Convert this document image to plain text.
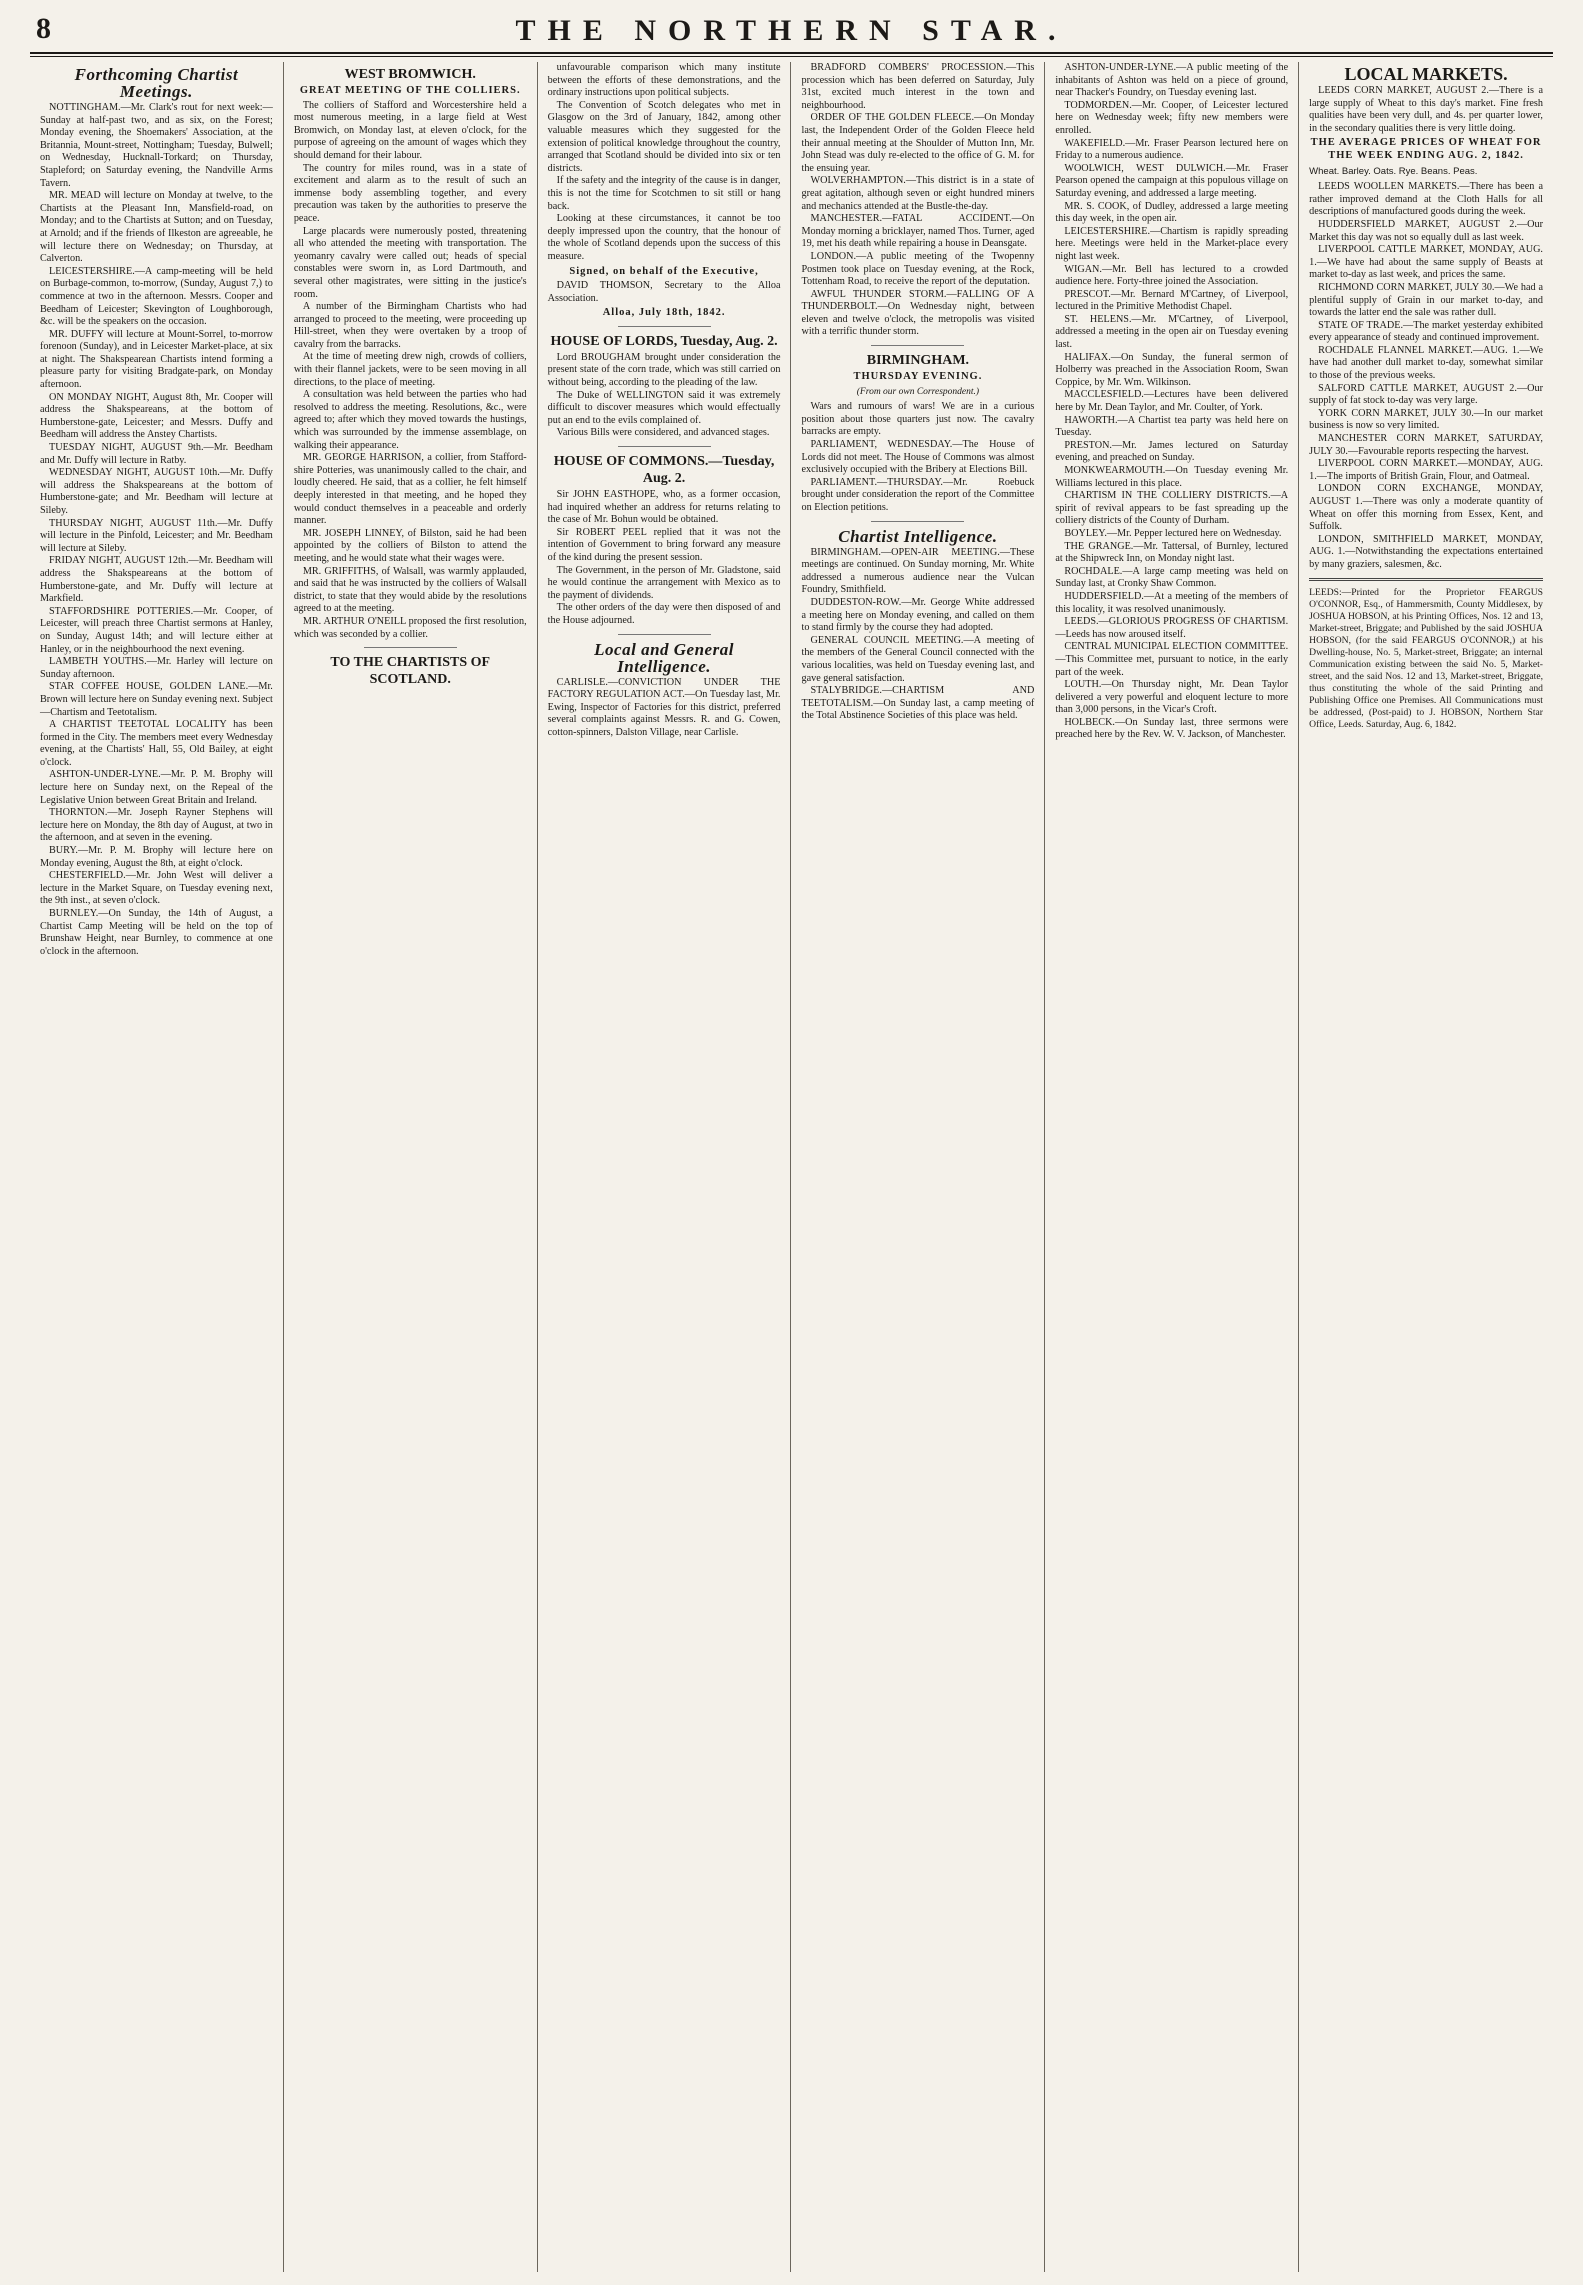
8	THE NORTHERN STAR.
Forthcoming Chartist Meetings.

NOTTINGHAM.—Mr. Clark's rout for next week:—Sunday at half-past two, and as six, on the Forest; Monday evening, the Shoemakers' Association, at the Britannia, Mount-street, Nottingham; Tuesday, Bulwell; on Wednesday, Hucknall-Torkard; on Thursday, Stapleford; on Saturday evening, the Nandville Arms Tavern.

MR. MEAD will lecture on Monday at twelve, to the Chartists at the Pleasant Inn, Mansfield-road, on Monday; and to the Chartists at Sutton; and on Tuesday, at Arnold; and if the friends of Ilkeston are agreeable, he will lecture there on Wednesday; on Thursday, at Calverton.

LEICESTERSHIRE.—A camp-meeting will be held on Burbage-common, to-morrow, (Sunday, August 7,) to commence at two in the afternoon. Messrs. Cooper and Beedham of Leicester; Skevington of Loughborough, &c. will be the speakers on the occasion.

MR. DUFFY will lecture at Mount-Sorrel, to-morrow forenoon (Sunday), and in Leicester Market-place, at six at night. The Shakspearean Chartists intend forming a pleasure party for visiting Bradgate-park, on Monday afternoon.

ON MONDAY NIGHT, August 8th, Mr. Cooper will address the Shakspeareans, at the bottom of Humberstone-gate, Leicester; and Messrs. Duffy and Beedham will address the Anstey Chartists.

TUESDAY NIGHT, AUGUST 9th.—Mr. Beedham and Mr. Duffy will lecture in Ratby.

WEDNESDAY NIGHT, AUGUST 10th.—Mr. Duffy will address the Shakspeareans at the bottom of Humberstone-gate; and Mr. Beedham will lecture at Sileby.

THURSDAY NIGHT, AUGUST 11th.—Mr. Duffy will lecture in the Pinfold, Leicester; and Mr. Beedham will lecture at Sileby.

FRIDAY NIGHT, AUGUST 12th.—Mr. Beedham will address the Shakspeareans at the bottom of Humberstone-gate, and Mr. Duffy will lecture at Markfield.

STAFFORDSHIRE POTTERIES.—Mr. Cooper, of Leicester, will preach three Chartist sermons at Hanley, on Sunday, August 14th; and will lecture either at Hanley, or in the neighbourhood the next evening.

LAMBETH YOUTHS.—Mr. Harley will lecture on Sunday afternoon.

STAR COFFEE HOUSE, GOLDEN LANE.—Mr. Brown will lecture here on Sunday evening next. Subject—Chartism and Teetotalism.

A CHARTIST TEETOTAL LOCALITY has been formed in the City. The members meet every Wednesday evening, at the Chartists' Hall, 55, Old Bailey, at eight o'clock.

ASHTON-UNDER-LYNE.—Mr. P. M. Brophy will lecture here on Sunday next, on the Repeal of the Legislative Union between Great Britain and Ireland.

THORNTON.—Mr. Joseph Rayner Stephens will lecture here on Monday, the 8th day of August, at two in the afternoon, and at seven in the evening.

BURY.—Mr. P. M. Brophy will lecture here on Monday evening, August the 8th, at eight o'clock.

CHESTERFIELD.—Mr. John West will deliver a lecture in the Market Square, on Tuesday evening next, the 9th inst., at seven o'clock.

BURNLEY.—On Sunday, the 14th of August, a Chartist Camp Meeting will be held on the top of Brunshaw Height, near Burnley, to commence at one o'clock in the afternoon.

WEST BROMWICH.
GREAT MEETING OF THE COLLIERS.

The colliers of Stafford and Worcestershire held a most numerous meeting, in a large field at West Bromwich, on Monday last, at eleven o'clock, for the purpose of agreeing on the amount of wages which they should demand for their labour.

The country for miles round, was in a state of excitement and alarm as to the result of such an immense body assembling together, and every precaution was taken by the authorities to preserve the peace.

Large placards were numerously posted, threatening all who attended the meeting with transportation. The yeomanry cavalry were called out; heads of special constables were sworn in, as Lord Dartmouth, and several other magistrates, were sitting in the justice's room.

A number of the Birmingham Chartists who had arranged to proceed to the meeting, were proceeding up Hill-street, when they were overtaken by a troop of cavalry from the barracks.

At the time of meeting drew nigh, crowds of colliers, with their flannel jackets, were to be seen moving in all directions, to the place of meeting.

A consultation was held between the parties who had resolved to address the meeting. Resolutions, &c., were agreed to; after which they moved towards the hustings, which was surrounded by the immense assemblage, on walking their appearance.

MR. GEORGE HARRISON, a collier, from Stafford-shire Potteries, was unanimously called to the chair, and loudly cheered. He said, that as a collier, he felt himself deeply interested in that meeting, and he hoped they would conduct themselves in a peaceable and orderly manner.

MR. JOSEPH LINNEY, of Bilston, said he had been appointed by the colliers of Bilston to attend the meeting, and he would state what their wages were.

MR. GRIFFITHS, of Walsall, was warmly applauded, and said that he was instructed by the colliers of Walsall district, to state that they would abide by the resolutions agreed to at the meeting.

MR. ARTHUR O'NEILL proposed the first resolution, which was seconded by a collier.

TO THE CHARTISTS OF SCOTLAND.

unfavourable comparison which many institute between the efforts of these demonstrations, and the ordinary instructions upon political subjects.

The Convention of Scotch delegates who met in Glasgow on the 3rd of January, 1842, among other valuable measures which they suggested for the extension of political knowledge throughout the country, arranged that Scotland should be divided into six or ten districts.

If the safety and the integrity of the cause is in danger, this is not the time for Scotchmen to sit still or hang back.

Looking at these circumstances, it cannot be too deeply impressed upon the country, that the honour of the whole of Scotland depends upon the success of this measure.

Signed, on behalf of the Executive,

DAVID THOMSON, Secretary to the Alloa Association.

Alloa, July 18th, 1842.
HOUSE OF LORDS, Tuesday, Aug. 2.

Lord BROUGHAM brought under consideration the present state of the corn trade, which was still carried on without being, according to the pleading of the law.

The Duke of WELLINGTON said it was extremely difficult to discover measures which would effectually put an end to the evils complained of.

Various Bills were considered, and advanced stages.

HOUSE OF COMMONS.—Tuesday, Aug. 2.

Sir JOHN EASTHOPE, who, as a former occasion, had inquired whether an address for returns relating to the case of Mr. Bohun would be obtained.

Sir ROBERT PEEL replied that it was not the intention of Government to bring forward any measure of the kind during the present session.

The Government, in the person of Mr. Gladstone, said he would continue the arrangement with Mexico as to the payment of dividends.

The other orders of the day were then disposed of and the House adjourned.

Local and General Intelligence.

CARLISLE.—CONVICTION UNDER THE FACTORY REGULATION ACT.—On Tuesday last, Mr. Ewing, Inspector of Factories for this district, preferred several complaints against Messrs. R. and G. Cowen, cotton-spinners, Dalston Village, near Carlisle.

BRADFORD COMBERS' PROCESSION.—This procession which has been deferred on Saturday, July 31st, excited much interest in the town and neighbourhood.

ORDER OF THE GOLDEN FLEECE.—On Monday last, the Independent Order of the Golden Fleece held their annual meeting at the Shoulder of Mutton Inn, Mr. John Stead was duly re-elected to the office of G. M. for the ensuing year.

WOLVERHAMPTON.—This district is in a state of great agitation, although seven or eight hundred miners and mechanics attended at the Bustle-the-day.

MANCHESTER.—FATAL ACCIDENT.—On Monday morning a bricklayer, named Thos. Turner, aged 19, met his death while repairing a house in Deansgate.

LONDON.—A public meeting of the Twopenny Postmen took place on Tuesday evening, at the Rock, Tottenham Road, to receive the report of the deputation.

AWFUL THUNDER STORM.—FALLING OF A THUNDERBOLT.—On Wednesday night, between eleven and twelve o'clock, the metropolis was visited with a terrific thunder storm.

BIRMINGHAM.
THURSDAY EVENING.
(From our own Correspondent.)

Wars and rumours of wars! We are in a curious position about those quarters just now. The cavalry barracks are empty.

PARLIAMENT, WEDNESDAY.—The House of Lords did not meet. The House of Commons was almost exclusively occupied with the Bribery at Elections Bill.

PARLIAMENT.—THURSDAY.—Mr. Roebuck brought under consideration the report of the Committee on Election petitions.

Chartist Intelligence.

BIRMINGHAM.—OPEN-AIR MEETING.—These meetings are continued. On Sunday morning, Mr. White addressed a numerous audience near the Vulcan Foundry, Smithfield.

DUDDESTON-ROW.—Mr. George White addressed a meeting here on Monday evening, and called on them to stand firmly by the course they had adopted.

GENERAL COUNCIL MEETING.—A meeting of the members of the General Council connected with the various localities, was held on Tuesday evening last, and gave general satisfaction.

STALYBRIDGE.—CHARTISM AND TEETOTALISM.—On Sunday last, a camp meeting of the Total Abstinence Societies of this place was held.

ASHTON-UNDER-LYNE.—A public meeting of the inhabitants of Ashton was held on a piece of ground, near Thacker's Foundry, on Tuesday evening last.

TODMORDEN.—Mr. Cooper, of Leicester lectured here on Wednesday week; fifty new members were enrolled.

WAKEFIELD.—Mr. Fraser Pearson lectured here on Friday to a numerous audience.

WOOLWICH, WEST DULWICH.—Mr. Fraser Pearson opened the campaign at this populous village on Saturday evening, and addressed a large meeting.

MR. S. COOK, of Dudley, addressed a large meeting this day week, in the open air.

LEICESTERSHIRE.—Chartism is rapidly spreading here. Meetings were held in the Market-place every night last week.

WIGAN.—Mr. Bell has lectured to a crowded audience here. Forty-three joined the Association.

PRESCOT.—Mr. Bernard M'Cartney, of Liverpool, lectured in the Primitive Methodist Chapel.

ST. HELENS.—Mr. M'Cartney, of Liverpool, addressed a meeting in the open air on Tuesday evening last.

HALIFAX.—On Sunday, the funeral sermon of Holberry was preached in the Association Room, Swan Coppice, by Mr. Wm. Wilkinson.

MACCLESFIELD.—Lectures have been delivered here by Mr. Dean Taylor, and Mr. Coulter, of York.

HAWORTH.—A Chartist tea party was held here on Tuesday.

PRESTON.—Mr. James lectured on Saturday evening, and preached on Sunday.

MONKWEARMOUTH.—On Tuesday evening Mr. Williams lectured in this place.

CHARTISM IN THE COLLIERY DISTRICTS.—A spirit of revival appears to be fast spreading up the colliery districts of the County of Durham.

BOYLEY.—Mr. Pepper lectured here on Wednesday.

THE GRANGE.—Mr. Tattersal, of Burnley, lectured at the Shipwreck Inn, on Monday night last.

ROCHDALE.—A large camp meeting was held on Sunday last, at Cronky Shaw Common.

HUDDERSFIELD.—At a meeting of the members of this locality, it was resolved unanimously.

LEEDS.—GLORIOUS PROGRESS OF CHARTISM.—Leeds has now aroused itself.

CENTRAL MUNICIPAL ELECTION COMMITTEE.—This Committee met, pursuant to notice, in the early part of the week.

LOUTH.—On Thursday night, Mr. Dean Taylor delivered a very powerful and eloquent lecture to more than 3,000 persons, in the Vicar's Croft.

HOLBECK.—On Sunday last, three sermons were preached here by the Rev. W. V. Jackson, of Manchester.

LOCAL MARKETS.

LEEDS CORN MARKET, AUGUST 2.—There is a large supply of Wheat to this day's market. Fine fresh qualities have been very dull, and 4s. per quarter lower, in the secondary qualities there is very little doing.

THE AVERAGE PRICES OF WHEAT FOR THE WEEK ENDING AUG. 2, 1842.
Wheat. Barley. Oats. Rye. Beans. Peas.

LEEDS WOOLLEN MARKETS.—There has been a rather improved demand at the Cloth Halls for all descriptions of manufactured goods during the week.

HUDDERSFIELD MARKET, AUGUST 2.—Our Market this day was not so equally dull as last week.

LIVERPOOL CATTLE MARKET, MONDAY, AUG. 1.—We have had about the same supply of Beasts at market to-day as last week, and prices the same.

RICHMOND CORN MARKET, JULY 30.—We had a plentiful supply of Grain in our market to-day, and towards the latter end the sale was rather dull.

STATE OF TRADE.—The market yesterday exhibited every appearance of steady and continued improvement.

ROCHDALE FLANNEL MARKET.—AUG. 1.—We have had another dull market to-day, somewhat similar to those of the previous weeks.

SALFORD CATTLE MARKET, AUGUST 2.—Our supply of fat stock to-day was very large.

YORK CORN MARKET, JULY 30.—In our market business is now so very limited.

MANCHESTER CORN MARKET, SATURDAY, JULY 30.—Favourable reports respecting the harvest.

LIVERPOOL CORN MARKET.—MONDAY, AUG. 1.—The imports of British Grain, Flour, and Oatmeal.

LONDON CORN EXCHANGE, MONDAY, AUGUST 1.—There was only a moderate quantity of Wheat on offer this morning from Essex, Kent, and Suffolk.

LONDON, SMITHFIELD MARKET, MONDAY, AUG. 1.—Notwithstanding the expectations entertained by many graziers, salesmen, &c.

LEEDS:—Printed for the Proprietor FEARGUS O'CONNOR, Esq., of Hammersmith, County Middlesex, by JOSHUA HOBSON, at his Printing Offices, Nos. 12 and 13, Market-street, Briggate; and Published by the said JOSHUA HOBSON, (for the said FEARGUS O'CONNOR,) at his Dwelling-house, No. 5, Market-street, Briggate; an internal Communication existing between the said No. 5, Market-street, and the said Nos. 12 and 13, Market-street, Briggate, thus constituting the whole of the said Printing and Publishing Office one Premises. All Communications must be addressed, (Post-paid) to J. HOBSON, Northern Star Office, Leeds. Saturday, Aug. 6, 1842.
